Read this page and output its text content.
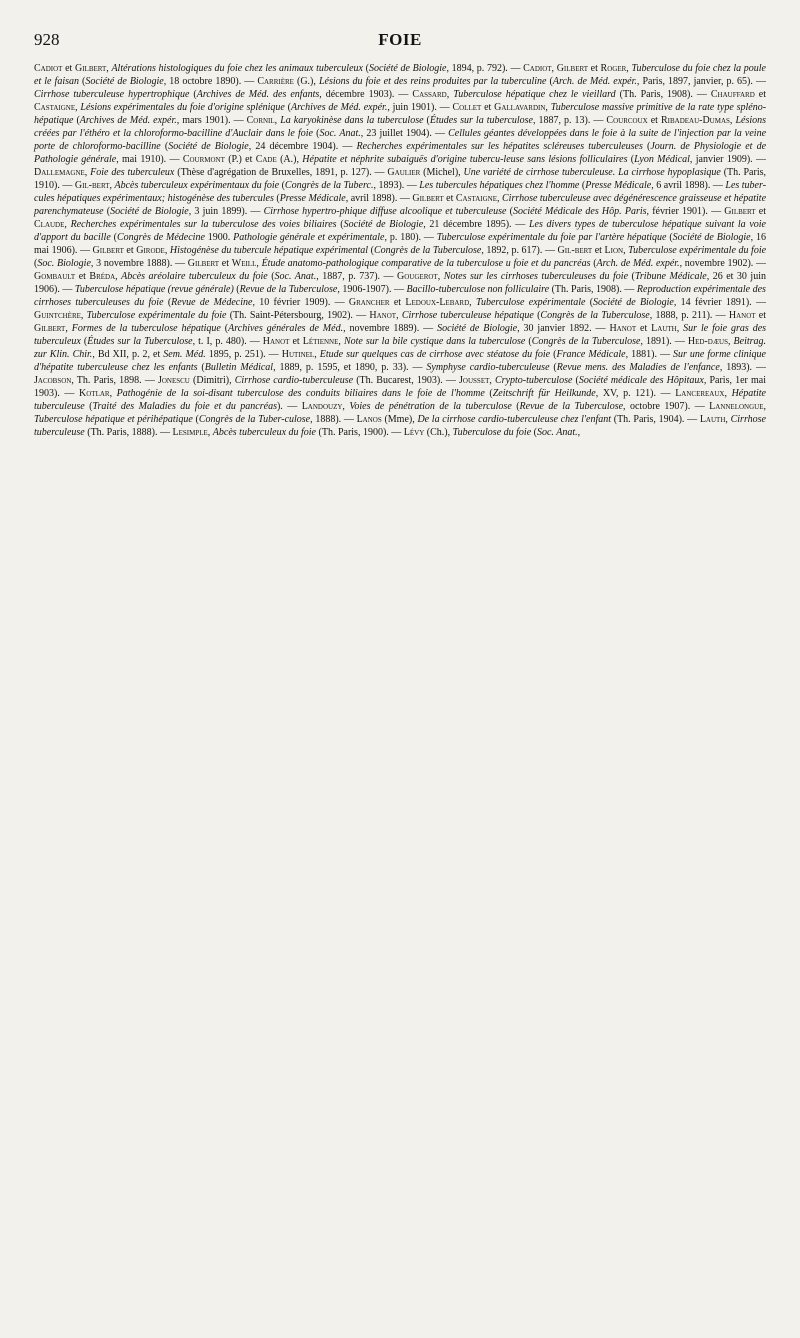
928	FOIE
Cadiot et Gilbert, Altérations histologiques du foie chez les animaux tuberculeux (Société de Biologie, 1894, p. 792). — Cadiot, Gilbert et Roger, Tuberculose du foie chez la poule et le faisan (Société de Biologie, 18 octobre 1890). — Carrière (G.), Lésions du foie et des reins produites par la tuberculine (Arch. de Méd. expér., Paris, 1897, janvier, p. 65). — Cirrhose tuberculeuse hypertrophique (Archives de Méd. des enfants, décembre 1903). — Cassard, Tuberculose hépatique chez le vieillard (Th. Paris, 1908). — Chauffard et Castaigne, Lésions expérimentales du foie d'origine splénique (Archives de Méd. expér., juin 1901). — Collet et Gallavardin, Tuberculose massive primitive de la rate type spléno-hépatique (Archives de Méd. expér., mars 1901). — Cornil, La karyokinèse dans la tuberculose (Études sur la tuberculose, 1887, p. 13). — Courcoux et Ribadeau-Dumas, Lésions créées par l'éthéro et la chloroformo-bacilline d'Auclair dans le foie (Soc. Anat., 23 juillet 1904). — Cellules géantes développées dans le foie à la suite de l'injection par la veine porte de chloroformo-bacilline (Société de Biologie, 24 décembre 1904). — Recherches expérimentales sur les hépatites scléreuses tuberculeuses (Journ. de Physiologie et de Pathologie générale, mai 1910). — Courmont (P.) et Cade (A.), Hépatite et néphrite subaiguës d'origine tubercu-leuse sans lésions folliculaires (Lyon Médical, janvier 1909). — Dallemagne, Foie des tuberculeux (Thèse d'agrégation de Bruxelles, 1891, p. 127). — Gaulier (Michel), Une variété de cirrhose tuberculeuse. La cirrhose hypoplasique (Th. Paris, 1910). — Gil-bert, Abcès tuberculeux expérimentaux du foie (Congrès de la Tuberc., 1893). — Les tubercules hépatiques chez l'homme (Presse Médicale, 6 avril 1898). — Les tuber-cules hépatiques expérimentaux; histogénèse des tubercules (Presse Médicale, avril 1898). — Gilbert et Castaigne, Cirrhose tuberculeuse avec dégénérescence graisseuse et hépatite parenchymateuse (Société de Biologie, 3 juin 1899). — Cirrhose hypertro-phique diffuse alcoolique et tuberculeuse (Société Médicale des Hôp. Paris, février 1901). — Gilbert et Claude, Recherches expérimentales sur la tuberculose des voies biliaires (Société de Biologie, 21 décembre 1895). — Les divers types de tuberculose hépatique suivant la voie d'apport du bacille (Congrès de Médecine 1900. Pathologie générale et expérimentale, p. 180). — Tuberculose expérimentale du foie par l'artère hépatique (Société de Biologie, 16 mai 1906). — Gilbert et Girode, Histogénèse du tubercule hépatique expérimental (Congrès de la Tuberculose, 1892, p. 617). — Gil-bert et Lion, Tuberculose expérimentale du foie (Soc. Biologie, 3 novembre 1888). — Gilbert et Weill, Étude anatomo-pathologique comparative de la tuberculose u foie et du pancréas (Arch. de Méd. expér., novembre 1902). — Gombault et Bréda, Abcès aréolaire tuberculeux du foie (Soc. Anat., 1887, p. 737). — Gougerot, Notes sur les cirrhoses tuberculeuses du foie (Tribune Médicale, 26 et 30 juin 1906). — Tuberculose hépatique (revue générale) (Revue de la Tuberculose, 1906-1907). — Bacillo-tuberculose non folliculaire (Th. Paris, 1908). — Reproduction expérimentale des cirrhoses tuberculeuses du foie (Revue de Médecine, 10 février 1909). — Grancher et Ledoux-Lebard, Tuberculose expérimentale (Société de Biologie, 14 février 1891). — Guintchère, Tuberculose expérimentale du foie (Th. Saint-Pétersbourg, 1902). — Hanot, Cirrhose tuberculeuse hépatique (Congrès de la Tuberculose, 1888, p. 211). — Hanot et Gilbert, Formes de la tuberculose hépatique (Archives générales de Méd., novembre 1889). — Société de Biologie, 30 janvier 1892. — Hanot et Lauth, Sur le foie gras des tuberculeux (Études sur la Tuberculose, t. I, p. 480). — Hanot et Létienne, Note sur la bile cystique dans la tuberculose (Congrès de la Tuberculose, 1891). — Hed-dæus, Beitrag. zur Klin. Chir., Bd XII, p. 2, et Sem. Méd. 1895, p. 251). — Hutinel, Etude sur quelques cas de cirrhose avec stéatose du foie (France Médicale, 1881). — Sur une forme clinique d'hépatite tuberculeuse chez les enfants (Bulletin Médical, 1889, p. 1595, et 1890, p. 33). — Symphyse cardio-tuberculeuse (Revue mens. des Maladies de l'enfance, 1893). — Jacobson, Th. Paris, 1898. — Jonescu (Dimitri), Cirrhose cardio-tuberculeuse (Th. Bucarest, 1903). — Jousset, Crypto-tuberculose (Société médicale des Hôpitaux, Paris, 1er mai 1903). — Kotlar, Pathogénie de la soi-disant tuberculose des conduits biliaires dans le foie de l'homme (Zeitschrift für Heilkunde, XV, p. 121). — Lancereaux, Hépatite tuberculeuse (Traité des Maladies du foie et du pancréas). — Landouzy, Voies de pénétration de la tuberculose (Revue de la Tuberculose, octobre 1907). — Lannelongue, Tuberculose hépatique et périhépatique (Congrès de la Tuber-culose, 1888). — Lanos (Mme), De la cirrhose cardio-tuberculeuse chez l'enfant (Th. Paris, 1904). — Lauth, Cirrhose tuberculeuse (Th. Paris, 1888). — Lesimple, Abcès tuberculeux du foie (Th. Paris, 1900). — Lévy (Ch.), Tuberculose du foie (Soc. Anat.,
